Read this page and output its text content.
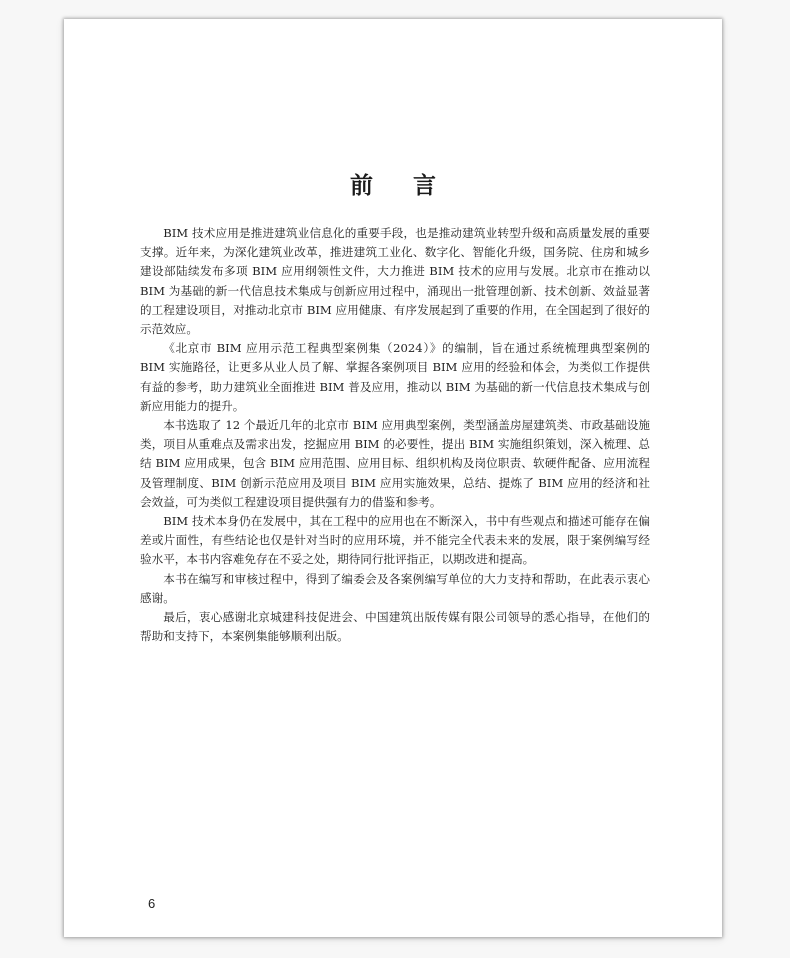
前言

BIM 技术应用是推进建筑业信息化的重要手段，也是推动建筑业转型升级和高质量发展的重要支撑。近年来，为深化建筑业改革，推进建筑工业化、数字化、智能化升级，国务院、住房和城乡建设部陆续发布多项 BIM 应用纲领性文件，大力推进 BIM 技术的应用与发展。北京市在推动以 BIM 为基础的新一代信息技术集成与创新应用过程中，涌现出一批管理创新、技术创新、效益显著的工程建设项目，对推动北京市 BIM 应用健康、有序发展起到了重要的作用，在全国起到了很好的示范效应。

《北京市 BIM 应用示范工程典型案例集（2024）》的编制，旨在通过系统梳理典型案例的 BIM 实施路径，让更多从业人员了解、掌握各案例项目 BIM 应用的经验和体会，为类似工作提供有益的参考，助力建筑业全面推进 BIM 普及应用，推动以 BIM 为基础的新一代信息技术集成与创新应用能力的提升。

本书选取了 12 个最近几年的北京市 BIM 应用典型案例，类型涵盖房屋建筑类、市政基础设施类，项目从重难点及需求出发，挖掘应用 BIM 的必要性，提出 BIM 实施组织策划，深入梳理、总结 BIM 应用成果，包含 BIM 应用范围、应用目标、组织机构及岗位职责、软硬件配备、应用流程及管理制度、BIM 创新示范应用及项目 BIM 应用实施效果，总结、提炼了 BIM 应用的经济和社会效益，可为类似工程建设项目提供强有力的借鉴和参考。

BIM 技术本身仍在发展中，其在工程中的应用也在不断深入，书中有些观点和描述可能存在偏差或片面性，有些结论也仅是针对当时的应用环境，并不能完全代表未来的发展，限于案例编写经验水平，本书内容难免存在不妥之处，期待同行批评指正，以期改进和提高。

本书在编写和审核过程中，得到了编委会及各案例编写单位的大力支持和帮助，在此表示衷心感谢。

最后，衷心感谢北京城建科技促进会、中国建筑出版传媒有限公司领导的悉心指导，在他们的帮助和支持下，本案例集能够顺利出版。

6
